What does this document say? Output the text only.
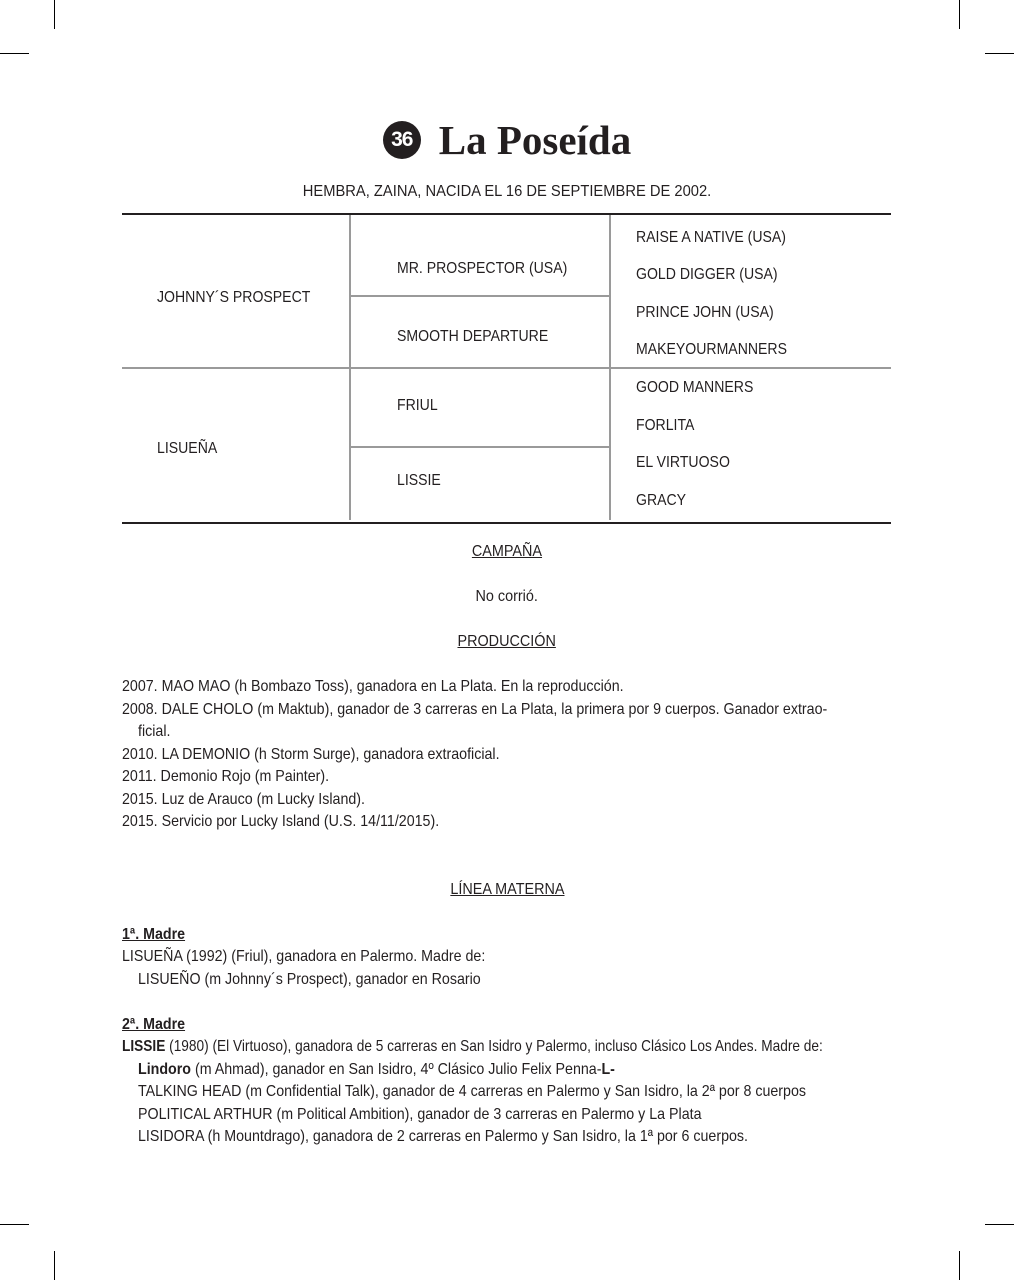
36 La Poseída
HEMBRA, ZAINA, NACIDA EL 16 DE SEPTIEMBRE DE 2002.
JOHNNY´S PROSPECT
LISUEÑA
MR. PROSPECTOR (USA)
SMOOTH DEPARTURE
FRIUL
LISSIE
RAISE A NATIVE (USA)
GOLD DIGGER (USA)
PRINCE JOHN (USA)
MAKEYOURMANNERS
GOOD MANNERS
FORLITA
EL VIRTUOSO
GRACY
CAMPAÑA
No corrió.
PRODUCCIÓN
2007. MAO MAO (h Bombazo Toss), ganadora en La Plata. En la reproducción.
2008. DALE CHOLO (m Maktub), ganador de 3 carreras en La Plata, la primera por 9 cuerpos. Ganador extrao-
ficial.
2010. LA DEMONIO (h Storm Surge), ganadora extraoficial.
2011. Demonio Rojo (m Painter).
2015. Luz de Arauco (m Lucky Island).
2015. Servicio por Lucky Island (U.S. 14/11/2015).
LÍNEA MATERNA
1ª. Madre
LISUEÑA (1992) (Friul), ganadora en Palermo. Madre de:
LISUEÑO (m Johnny´s Prospect), ganador en Rosario
2ª. Madre
LISSIE (1980) (El Virtuoso), ganadora de 5 carreras en San Isidro y Palermo, incluso Clásico Los Andes. Madre de:
Lindoro (m Ahmad), ganador en San Isidro, 4º Clásico Julio Felix Penna-L-
TALKING HEAD (m Confidential Talk), ganador de 4 carreras en Palermo y San Isidro, la 2ª por 8 cuerpos
POLITICAL ARTHUR (m Political Ambition), ganador de 3 carreras en Palermo y La Plata
LISIDORA (h Mountdrago), ganadora de 2 carreras en Palermo y San Isidro, la 1ª por 6 cuerpos.
